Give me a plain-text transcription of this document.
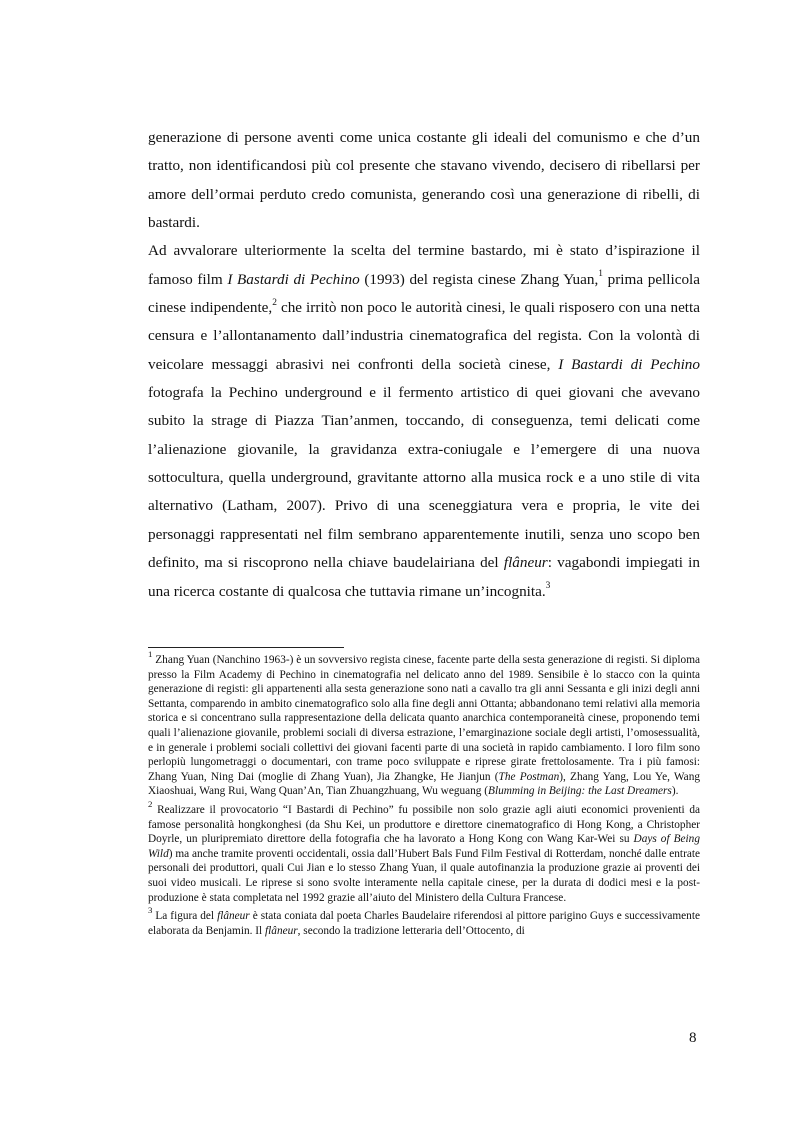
generazione di persone aventi come unica costante gli ideali del comunismo e che d’un tratto, non identificandosi più col presente che stavano vivendo, decisero di ribellarsi per amore dell’ormai perduto credo comunista, generando così una generazione di ribelli, di bastardi.

Ad avvalorare ulteriormente la scelta del termine bastardo, mi è stato d’ispirazione il famoso film I Bastardi di Pechino (1993) del regista cinese Zhang Yuan,$^1$ prima pellicola cinese indipendente,$^2$ che irritò non poco le autorità cinesi, le quali risposero con una netta censura e l’allontanamento dall’industria cinematografica del regista. Con la volontà di veicolare messaggi abrasivi nei confronti della società cinese, I Bastardi di Pechino fotografa la Pechino underground e il fermento artistico di quei giovani che avevano subito la strage di Piazza Tian’anmen, toccando, di conseguenza, temi delicati come l’alienazione giovanile, la gravidanza extra-coniugale e l’emergere di una nuova sottocultura, quella underground, gravitante attorno alla musica rock e a uno stile di vita alternativo (Latham, 2007). Privo di una sceneggiatura vera e propria, le vite dei personaggi rappresentati nel film sembrano apparentemente inutili, senza uno scopo ben definito, ma si riscoprono nella chiave baudelairiana del flâneur: vagabondi impiegati in una ricerca costante di qualcosa che tuttavia rimane un’incognita.$^3$

$^1$ Zhang Yuan (Nanchino 1963-) è un sovversivo regista cinese, facente parte della sesta generazione di registi. Si diploma presso la Film Academy di Pechino in cinematografia nel delicato anno del 1989. Sensibile è lo stacco con la quinta generazione di registi: gli appartenenti alla sesta generazione sono nati a cavallo tra gli anni Sessanta e gli inizi degli anni Settanta, comparendo in ambito cinematografico solo alla fine degli anni Ottanta; abbandonano temi relativi alla memoria storica e si concentrano sulla rappresentazione della delicata quanto anarchica contemporaneità cinese, proponendo temi quali l’alienazione giovanile, problemi sociali di diversa estrazione, l’emarginazione sociale degli artisti, l’omosessualità, e in generale i problemi sociali collettivi dei giovani facenti parte di una società in rapido cambiamento. I loro film sono perlopiù lungometraggi o documentari, con trame poco sviluppate e riprese girate frettolosamente. Tra i più famosi: Zhang Yuan, Ning Dai (moglie di Zhang Yuan), Jia Zhangke, He Jianjun (The Postman), Zhang Yang, Lou Ye, Wang Xiaoshuai, Wang Rui, Wang Quan’An, Tian Zhuangzhuang, Wu weguang (Blumming in Beijing: the Last Dreamers).

$^2$ Realizzare il provocatorio “I Bastardi di Pechino” fu possibile non solo grazie agli aiuti economici provenienti da famose personalità hongkonghesi (da Shu Kei, un produttore e direttore cinematografico di Hong Kong, a Christopher Doyrle, un pluripremiato direttore della fotografia che ha lavorato a Hong Kong con Wang Kar-Wei su Days of Being Wild) ma anche tramite proventi occidentali, ossia dall’Hubert Bals Fund Film Festival di Rotterdam, nonché dalle entrate personali dei produttori, quali Cui Jian e lo stesso Zhang Yuan, il quale autofinanzia la produzione grazie ai proventi dei suoi video musicali. Le riprese si sono svolte interamente nella capitale cinese, per la durata di dodici mesi e la post-produzione è stata completata nel 1992 grazie all’aiuto del Ministero della Cultura Francese.

$^3$ La figura del flâneur è stata coniata dal poeta Charles Baudelaire riferendosi al pittore parigino Guys e successivamente elaborata da Benjamin. Il flâneur, secondo la tradizione letteraria dell’Ottocento, di

8
